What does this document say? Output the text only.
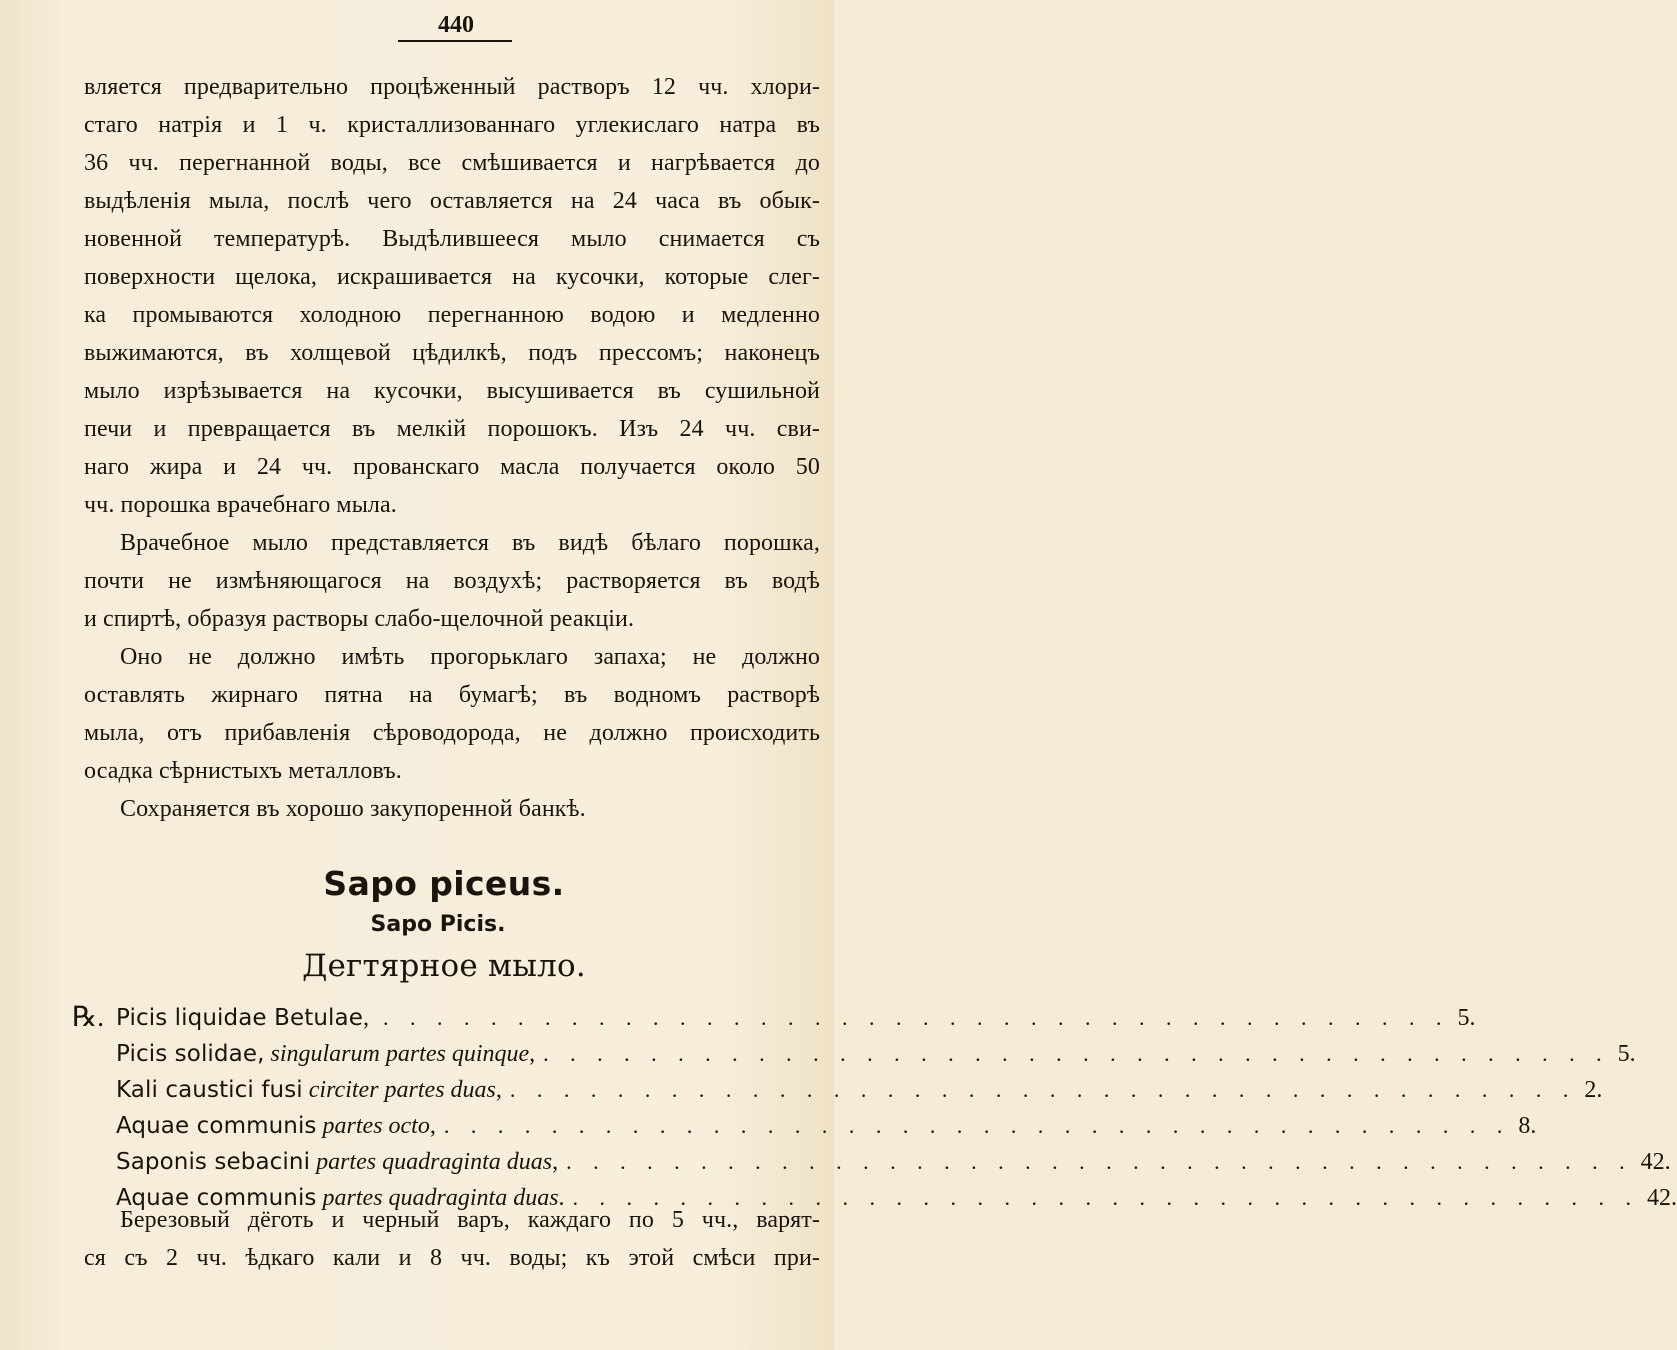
440
вляется предварительно процѣженный растворъ 12 чч. хлори-
стаго натрія и 1 ч. кристаллизованнаго углекислаго натра въ
36 чч. перегнанной воды, все смѣшивается и нагрѣвается до
выдѣленія мыла, послѣ чего оставляется на 24 часа въ обык-
новенной температурѣ. Выдѣлившееся мыло снимается съ
поверхности щелока, искрашивается на кусочки, которые слег-
ка промываются холодною перегнанною водою и медленно
выжимаются, въ холщевой цѣдилкѣ, подъ прессомъ; наконецъ
мыло изрѣзывается на кусочки, высушивается въ сушильной
печи и превращается въ мелкій порошокъ. Изъ 24 чч. сви-
наго жира и 24 чч. прованскаго масла получается около 50
чч. порошка врачебнаго мыла.
Врачебное мыло представляется въ видѣ бѣлаго порошка,
почти не измѣняющагося на воздухѣ; растворяется въ водѣ
и спиртѣ, образуя растворы слабо-щелочной реакціи.
Оно не должно имѣть прогорьклаго запаха; не должно
оставлять жирнаго пятна на бумагѣ; въ водномъ растворѣ
мыла, отъ прибавленія сѣроводорода, не должно происходить
осадка сѣрнистыхъ металловъ.
Сохраняется въ хорошо закупоренной банкѣ.
Sapo piceus.
Sapo Picis.
Дегтярное мыло.
℞. Picis liquidae Betulae , . . . . . . . . . . . . . . . . . . . . . . . . . . . . . . . . . . . . . . . . 5.
Picis solidae, singularum partes quinque , . . . . . . . . . . . . . . . . . . . . . . . . . . . . . . . . . . . . . . . . 5.
Kali caustici fusi circiter partes duas , . . . . . . . . . . . . . . . . . . . . . . . . . . . . . . . . . . . . . . . . 2.
Aquae communis partes octo , . . . . . . . . . . . . . . . . . . . . . . . . . . . . . . . . . . . . . . . . 8.
Saponis sebacini partes quadraginta duas , . . . . . . . . . . . . . . . . . . . . . . . . . . . . . . . . . . . . . . . . 42.
Aquae communis partes quadraginta duas . . . . . . . . . . . . . . . . . . . . . . . . . . . . . . . . . . . . . . . . . 42.
Березовый дёготь и черный варъ, каждаго по 5 чч., варят-
ся съ 2 чч. ѣдкаго кали и 8 чч. воды; къ этой смѣси при-
